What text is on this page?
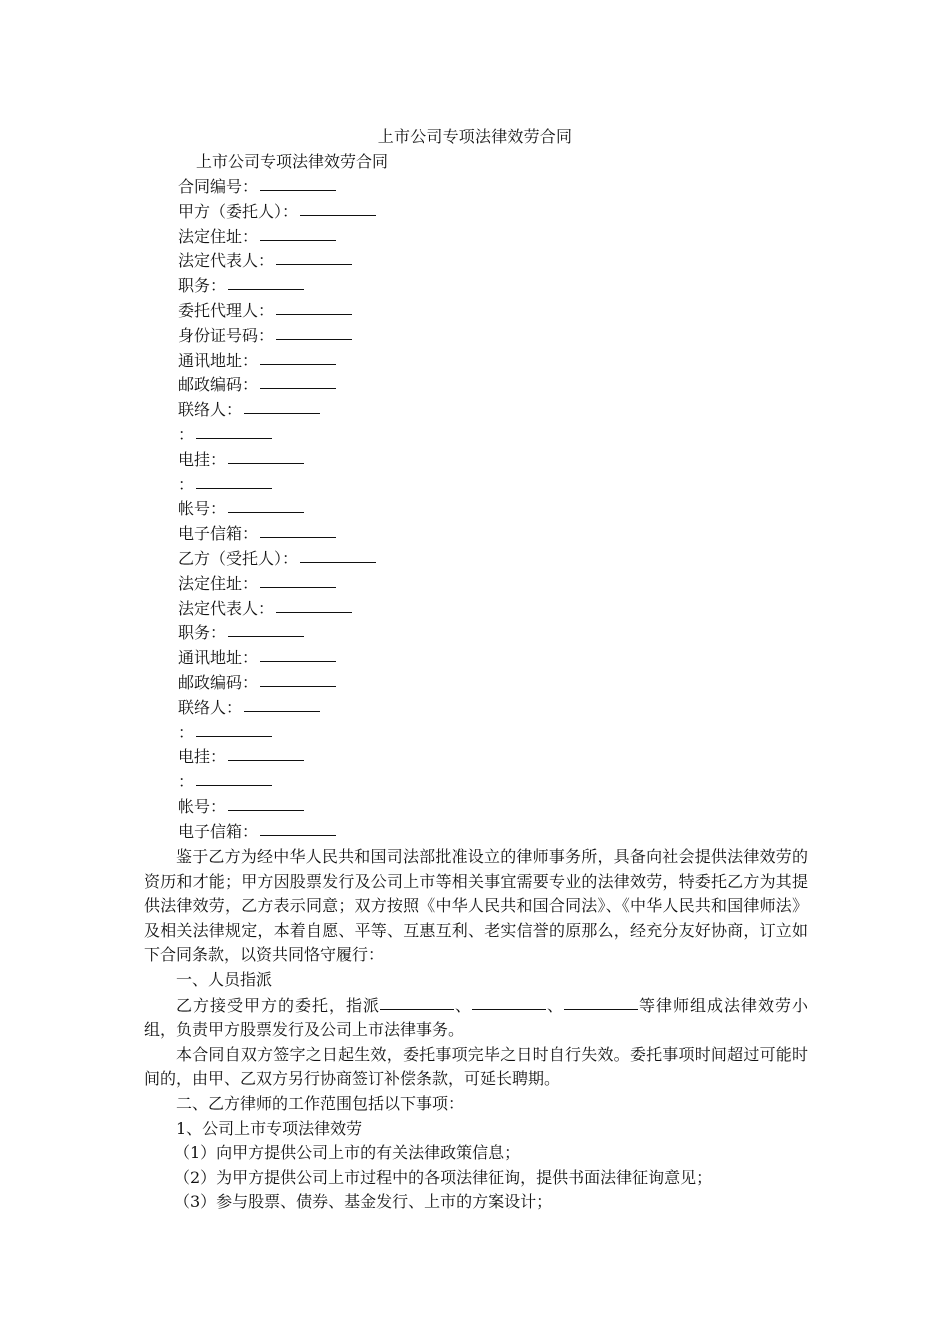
上市公司专项法律效劳合同
上市公司专项法律效劳合同
合同编号：
甲方（委托人）：
法定住址：
法定代表人：
职务：
委托代理人：
身份证号码：
通讯地址：
邮政编码：
联络人：
：
电挂：
：
帐号：
电子信箱：
乙方（受托人）：
法定住址：
法定代表人：
职务：
通讯地址：
邮政编码：
联络人：
：
电挂：
：
帐号：
电子信箱：

鉴于乙方为经中华人民共和国司法部批准设立的律师事务所，具备向社会提供法律效劳的资历和才能；甲方因股票发行及公司上市等相关事宜需要专业的法律效劳，特委托乙方为其提供法律效劳，乙方表示同意；双方按照《中华人民共和国合同法》、《中华人民共和国律师法》及相关法律规定，本着自愿、平等、互惠互利、老实信誉的原那么，经充分友好协商，订立如下合同条款，以资共同恪守履行：

一、人员指派

乙方接受甲方的委托，指派	、	、	等律师组成法律效劳小组，负责甲方股票发行及公司上市法律事务。

本合同自双方签字之日起生效，委托事项完毕之日时自行失效。委托事项时间超过可能时间的，由甲、乙双方另行协商签订补偿条款，可延长聘期。

二、乙方律师的工作范围包括以下事项：

1、公司上市专项法律效劳

（1）向甲方提供公司上市的有关法律政策信息；

（2）为甲方提供公司上市过程中的各项法律征询，提供书面法律征询意见；

（3）参与股票、债券、基金发行、上市的方案设计；
